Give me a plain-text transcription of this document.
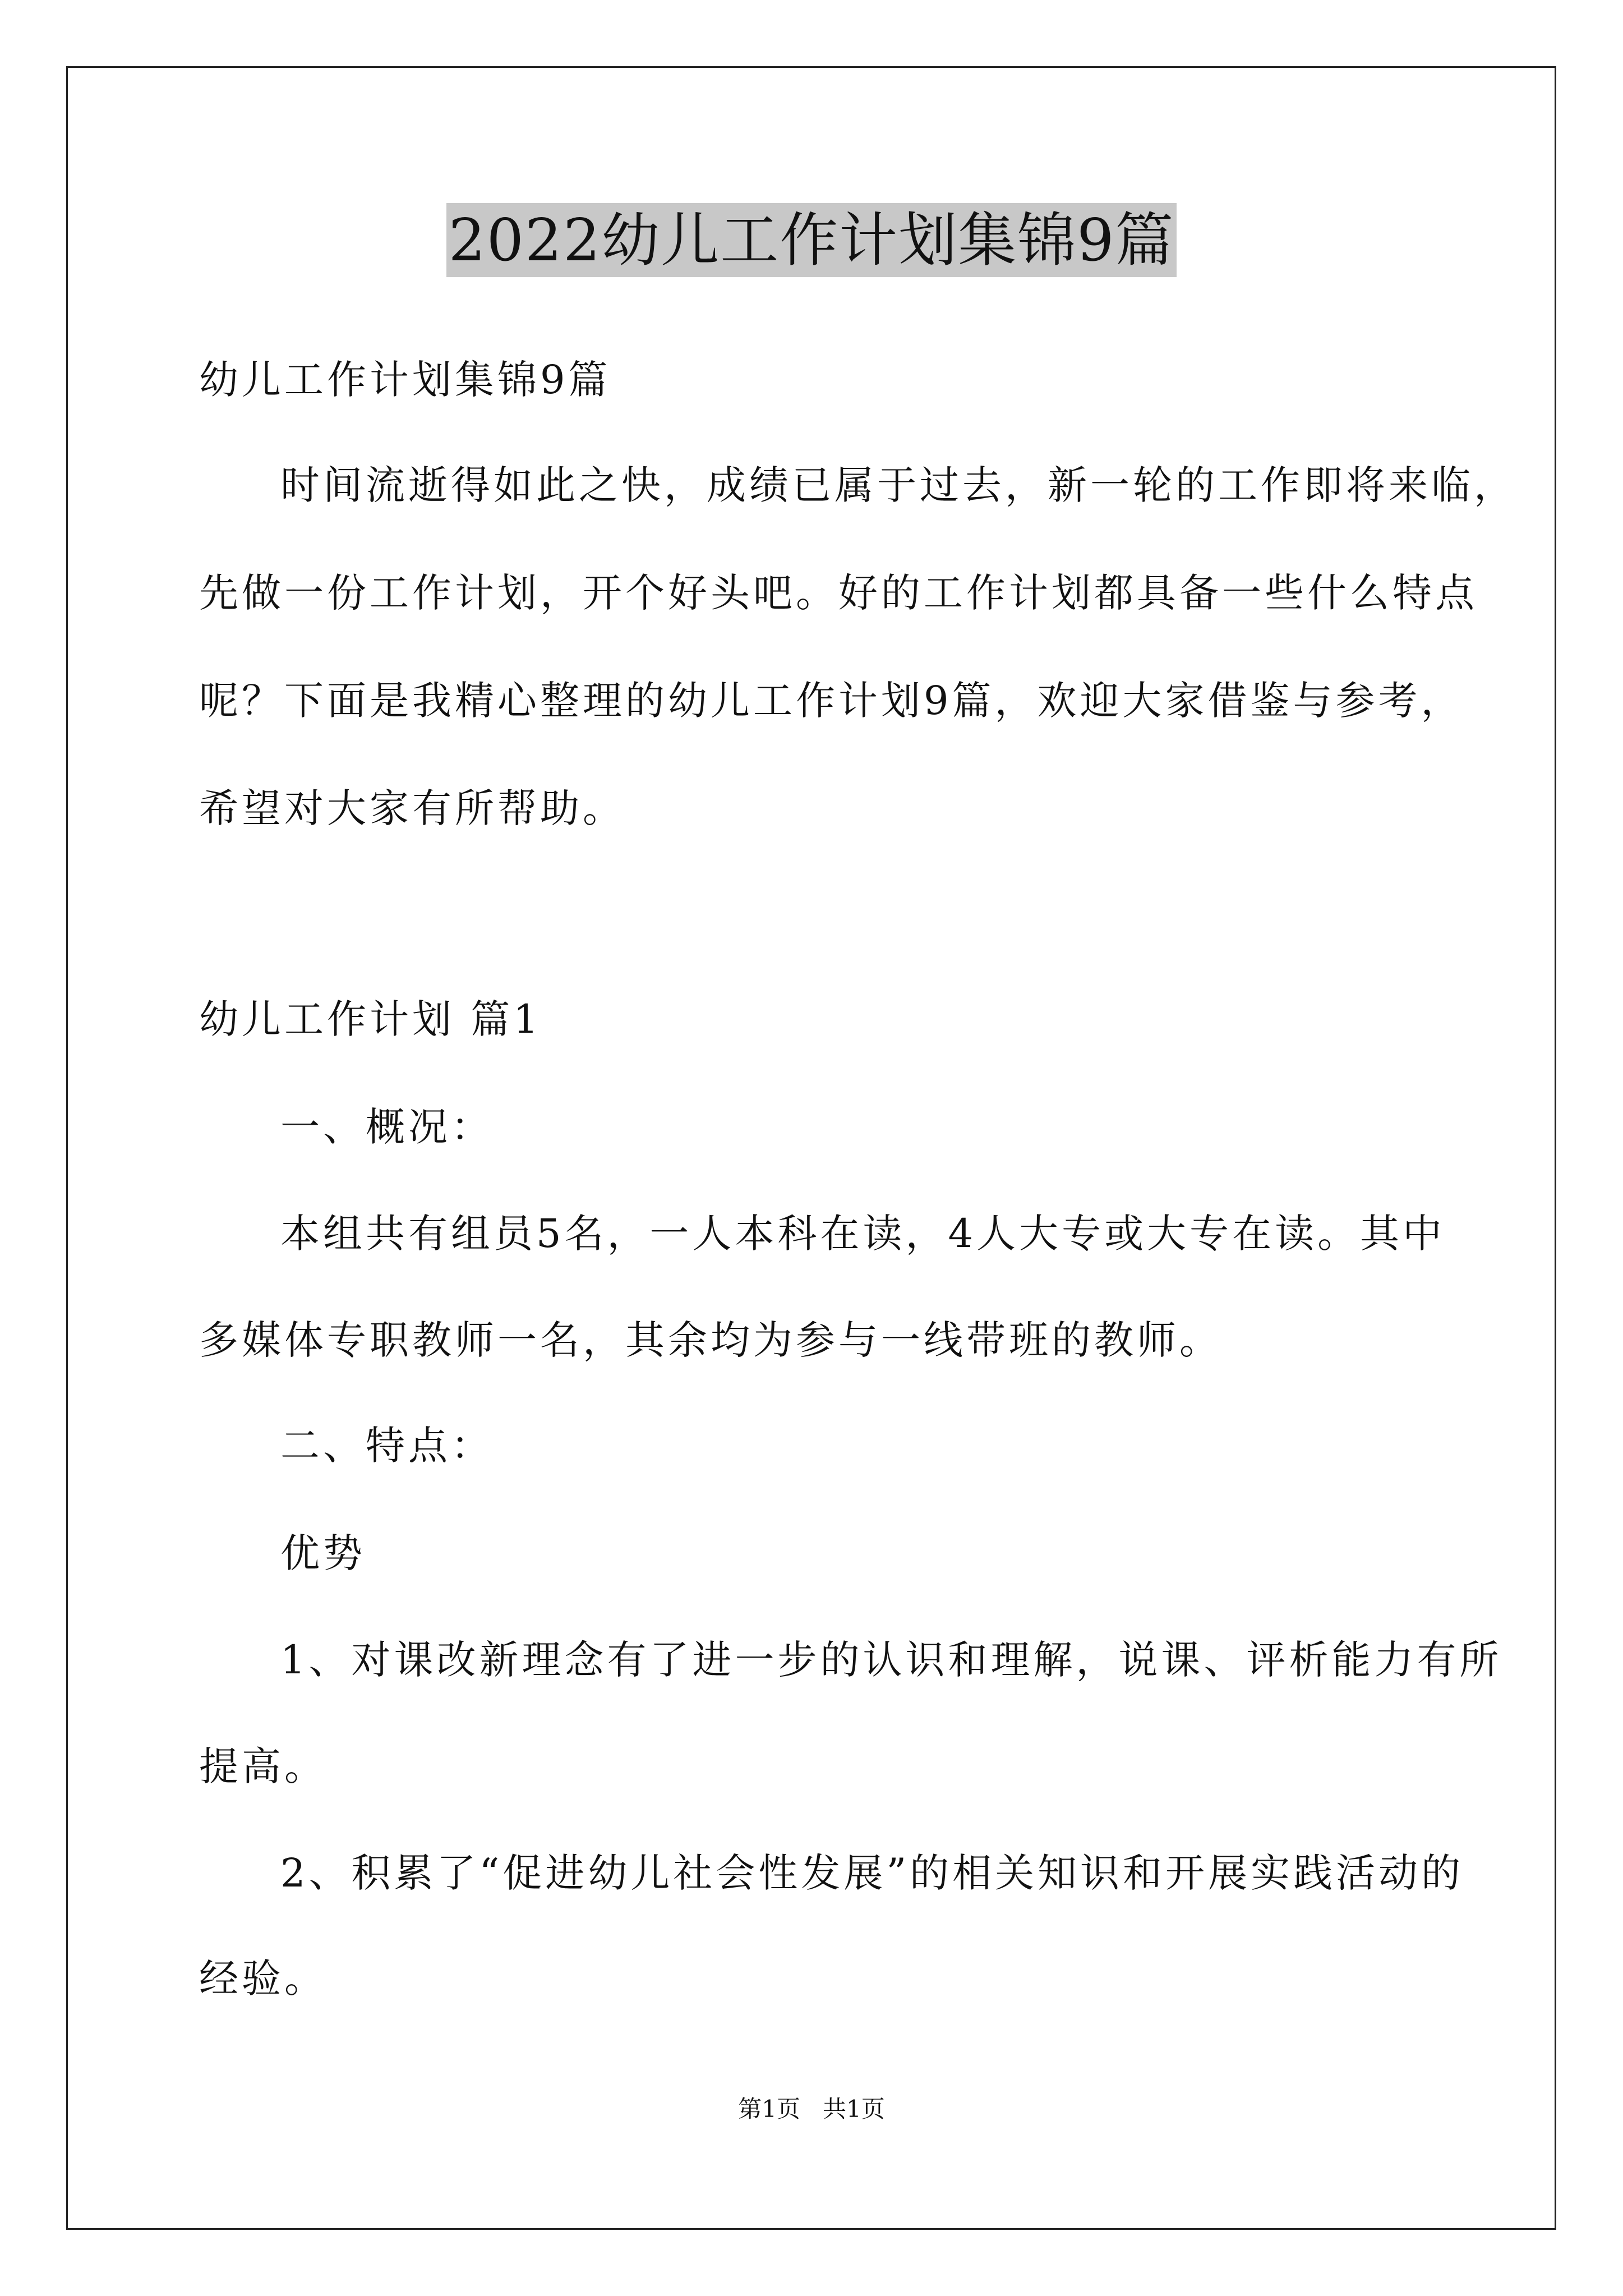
2022幼儿工作计划集锦9篇
幼儿工作计划集锦9篇
时间流逝得如此之快，成绩已属于过去，新一轮的工作即将来临，
先做一份工作计划，开个好头吧。好的工作计划都具备一些什么特点
呢？下面是我精心整理的幼儿工作计划9篇，欢迎大家借鉴与参考，
希望对大家有所帮助。
幼儿工作计划 篇1
一、概况：
本组共有组员5名，一人本科在读，4人大专或大专在读。其中
多媒体专职教师一名，其余均为参与一线带班的教师。
二、特点：
优势
1、对课改新理念有了进一步的认识和理解，说课、评析能力有所
提高。
2、积累了“促进幼儿社会性发展”的相关知识和开展实践活动的
经验。
第1页   共1页
